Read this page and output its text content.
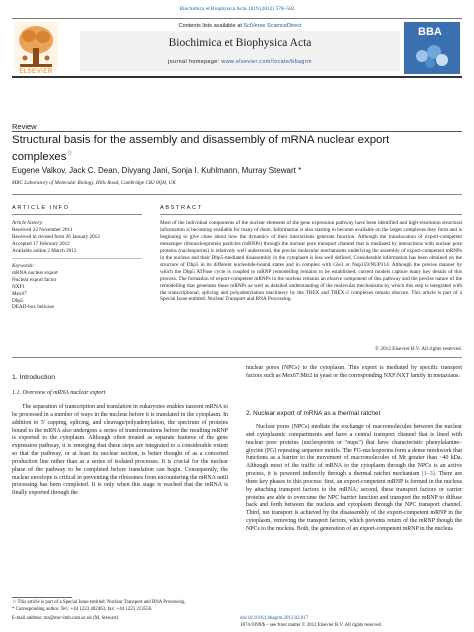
Biochimica et Biophysica Acta 1819 (2012) 578–582
ELSEVIER
Contents lists available at SciVerse ScienceDirect
Biochimica et Biophysica Acta
journal homepage: www.elsevier.com/locate/bbagrm
BBA
Review
Structural basis for the assembly and disassembly of mRNA nuclear export complexes☆
Eugene Valkov, Jack C. Dean, Divyang Jani, Sonja I. Kuhlmann, Murray Stewart *
MRC Laboratory of Molecular Biology, Hills Road, Cambridge CB2 0QH, UK
ARTICLE INFO	ABSTRACT
Article history:
Received 22 November 2011
Received in revised form 26 January 2012
Accepted 17 February 2012
Available online 2 March 2012
Keywords:
mRNA nuclear export
Nuclear export factor
NXF1
Mex67
Dbp5
DEAD-box helicase
Most of the individual components of the nuclear elements of the gene expression pathway have been identified and high-resolution structural information is becoming available for many of them. Information is also starting to become available on the larger complexes they form and is beginning to give clues about how the dynamics of their interactions generate function. Although the translocation of export-competent messenger ribonucleoprotein particles (mRNPs) through the nuclear pore transport channel that is mediated by interactions with nuclear pore proteins (nucleoporins) is relatively well understood, the precise molecular mechanisms underlying the assembly of export-competent mRNPs in the nucleus and their Dbp5-mediated disassembly in the cytoplasm is less well defined. Considerable information has been obtained on the structure of Dbp5 in its different nucleotide-bound states and in complex with Gle1 or Nup159/NUP214. Although the precise manner by which the Dbp5 ATPase cycle is coupled to mRNP remodelling remains to be established, current models capture many key details of this process. The formation of export-competent mRNPs in the nucleus remains an elusive component of this pathway and the precise nature of the remodelling that generates these mRNPs as well as detailed understanding of the molecular mechanisms by which this step is integrated with the transcriptional, splicing and polyadenylation machinery by the TREX and TREX-2 complexes remain obscure. This article is part of a Special Issue entitled: Nuclear Transport and RNA Processing.
© 2012 Elsevier B.V. All rights reserved.
1. Introduction
1.1. Overview of mRNA nuclear export

The separation of transcription and translation in eukaryotes enables nascent mRNA to be processed in a number of ways in the nucleus before it is translated in the cytoplasm. In addition to 5′ capping, splicing, and cleavage/polyadenylation, the spectrum of proteins bound to the mRNA also undergoes a series of transformations before the resulting mRNP is exported to the cytoplasm. Although often treated as separate features of the gene expression pathway, it is emerging that these steps are integrated to a considerable extent so that the pathway, or at least its nuclear section, is better thought of as a concerted production line rather than as a series of isolated processes. It is crucial for the nuclear phase of the pathway to be completed before translation can begin. Consequently, the nuclear envelope is critical in preventing the ribosomes from encountering the mRNA until processing has been completed. It is only when this stage is reached that the mRNA is finally exported through the

nuclear pores (NPCs) to the cytoplasm. This export is mediated by specific transport factors such as Mex67:Mtr2 in yeast or the corresponding NXF:NXT family in metazoans.

2. Nuclear export of mRNA as a thermal ratchet

Nuclear pores (NPCs) mediate the exchange of macromolecules between the nuclear and cytoplasmic compartments and have a central transport channel that is lined with nuclear pore proteins (nucleoporins or "nups") that have characteristic phenylalanine–glycine (FG) repeating sequence motifs. The FG-nucleoporins form a dense meshwork that functions as a barrier to the movement of macromolecules of Mr greater than ~40 kDa. Although most of the traffic of mRNA to the cytoplasm through the NPCs is an active process, it is powered indirectly through a thermal ratchet mechanism [1–3]. There are three key phases to this process: first, an export-competent mRNP is formed in the nucleus by attaching transport factors to the mRNA; second, these transport factors or carrier proteins are able to overcome the NPC barrier function and transport the mRNP to diffuse back and forth between the nucleus and cytoplasm through the NPC transport channel. Third, net transport is achieved by the disassembly of the export-competent mRNP in the cytoplasm, removing the transport factors, which prevents return of the mRNP though the NPCs to the nucleus. Both, the generation of an export-competent mRNP in the nucleus

☆ This article is part of a Special Issue entitled: Nuclear Transport and RNA Processing.
* Corresponding author. Tel.: +44 1223 402463; fax: +44 1223 213556.
E-mail address: ms@mrc-lmb.cam.ac.uk (M. Stewart).
1874-9399/$ – see front matter © 2012 Elsevier B.V. All rights reserved.
doi:10.1016/j.bbagrm.2012.02.017
